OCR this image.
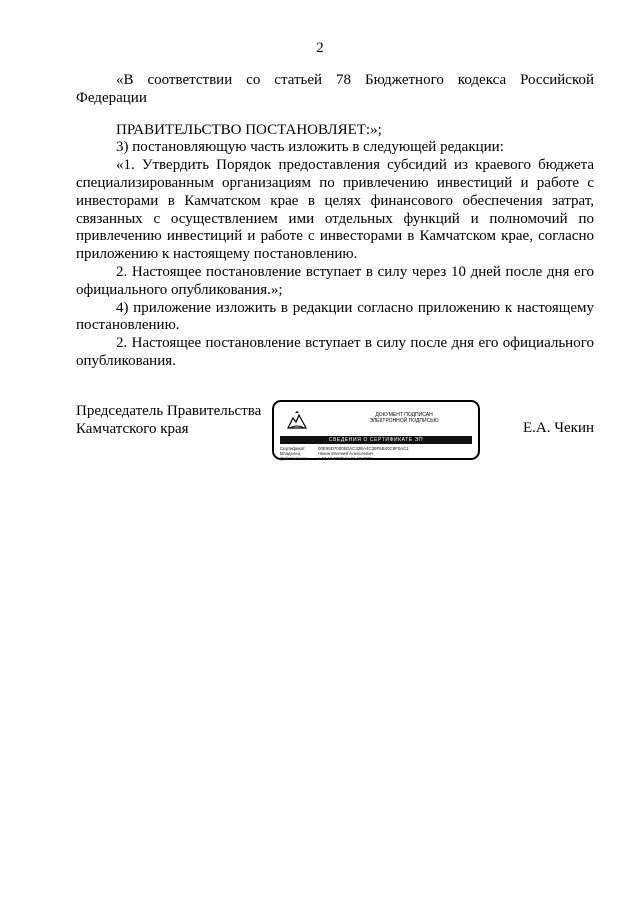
2

«В соответствии со статьей 78 Бюджетного кодекса Российской Федерации

ПРАВИТЕЛЬСТВО ПОСТАНОВЛЯЕТ:»;

3) постановляющую часть изложить в следующей редакции:

«1. Утвердить Порядок предоставления субсидий из краевого бюджета специализированным организациям по привлечению инвестиций и работе с инвесторами в Камчатском крае в целях финансового обеспечения затрат, связанных с осуществлением ими отдельных функций и полномочий по привлечению инвестиций и работе с инвесторами в Камчатском крае, согласно приложению к настоящему постановлению.

2. Настоящее постановление вступает в силу через 10 дней после дня его официального опубликования.»;

4) приложение изложить в редакции согласно приложению к настоящему постановлению.

2. Настоящее постановление вступает в силу после дня его официального опубликования.

Председатель Правительства
Камчатского края
ДОКУМЕНТ ПОДПИСАН
ЭЛЕКТРОННОЙ ПОДПИСЬЮ
СВЕДЕНИЯ О СЕРТИФИКАТЕ ЭП
Сертификат	00E95D70005DAC32BA4C39F6B40C8F0AC1
Владелец	Чекин Евгений Алексеевич
Действителен	с 13.10.2020 по 31.12.2021
Е.А. Чекин
